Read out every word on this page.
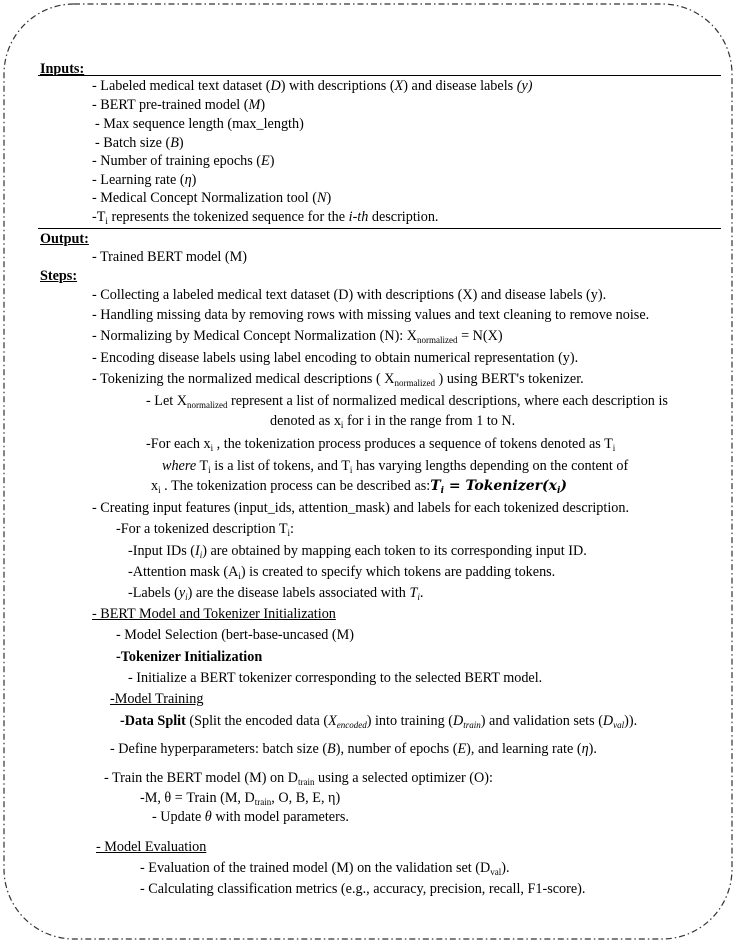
Inputs:
- Labeled medical text dataset (D) with descriptions (X) and disease labels (y)
- BERT pre-trained model (M)
- Max sequence length (max_length)
- Batch size (B)
- Number of training epochs (E)
- Learning rate (η)
- Medical Concept Normalization tool (N)
$-T_i$ represents the tokenized sequence for the i-th description.
Output:
- Trained BERT model (M)
Steps:
- Collecting a labeled medical text dataset (D) with descriptions (X) and disease labels (y).
- Handling missing data by removing rows with missing values and text cleaning to remove noise.
- Normalizing by Medical Concept Normalization (N): $X_{normalized} = N(X)$
- Encoding disease labels using label encoding to obtain numerical representation (y).
- Tokenizing the normalized medical descriptions ( $X_{normalized}$ ) using BERT's tokenizer.
- Let $X_{normalized}$ represent a list of normalized medical descriptions, where each description is
denoted as $x_i$ for i in the range from 1 to N.
-For each $x_i$ , the tokenization process produces a sequence of tokens denoted as $T_i$
where $T_i$ is a list of tokens, and $T_i$ has varying lengths depending on the content of
$x_i$ . The tokenization process can be described $as:T_i$ = $Tokenizer(x_i)$
- Creating input features (input_ids, attention_mask) and labels for each tokenized description.
-For a tokenized description $T_i$:
-Input IDs $(I_i)$ are obtained by mapping each token to its corresponding input ID.
-Attention mask $(A_i)$ is created to specify which tokens are padding tokens.
-Labels $(y_i)$ are the disease labels associated with $T_i$.
- BERT Model and Tokenizer Initialization
- Model Selection (bert-base-uncased (M)
-Tokenizer Initialization
- Initialize a BERT tokenizer corresponding to the selected BERT model.
-Model Training
-Data Split (Split the encoded data $(X_{encoded})$ into training $(D_{train})$ and validation sets $(D_{val})$).
- Define hyperparameters: batch size (B), number of epochs (E), and learning rate (η).
- Train the BERT model (M) on $D_{train}$ using a selected optimizer (O):
-M, θ = Train (M, $D_{train}$, O, B, E, η)
- Update θ with model parameters.
- Model Evaluation
- Evaluation of the trained model (M) on the validation set $(D_{val})$.
- Calculating classification metrics (e.g., accuracy, precision, recall, F1-score).
